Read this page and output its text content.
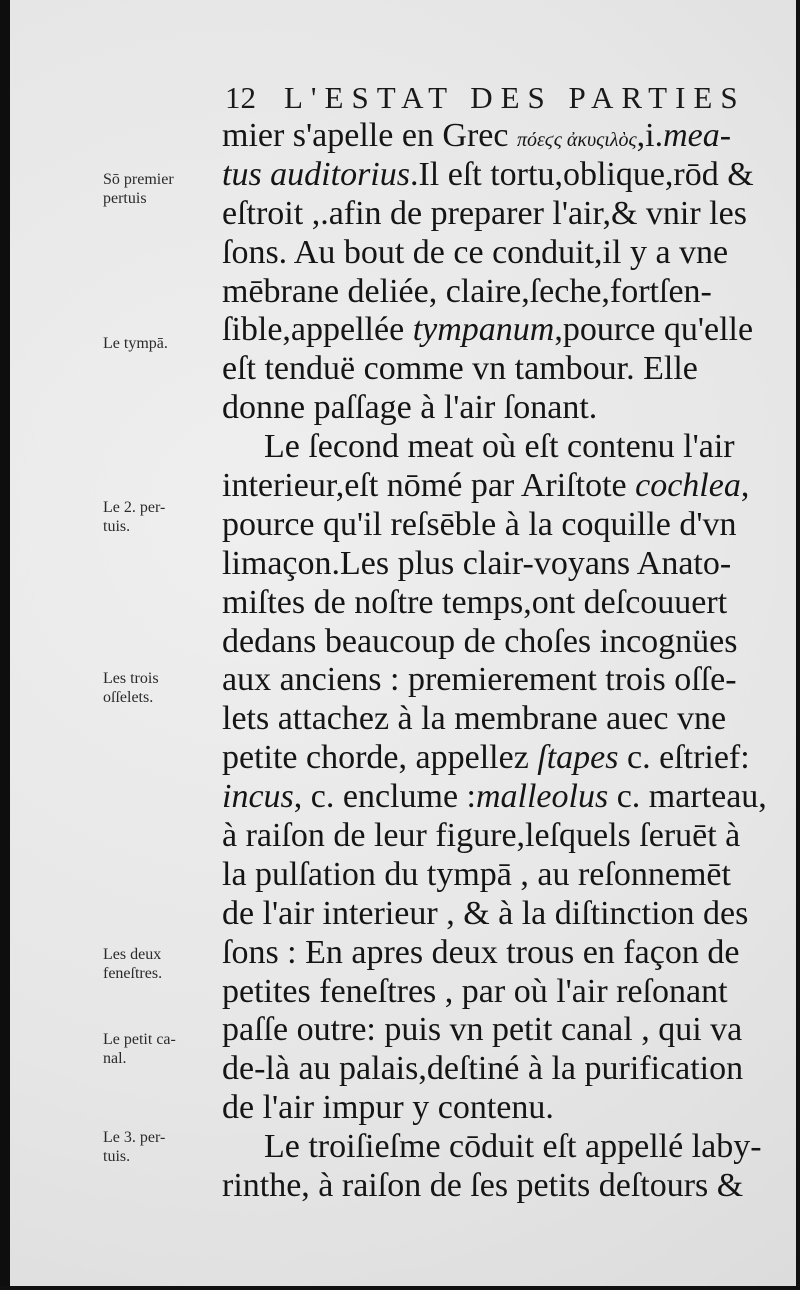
12 L'ESTAT DES PARTIES
mier s'apelle en Grec πόεϛς ἀκυςιλὸς,i.mea-
tus auditorius.Il eſt tortu,oblique,rōd &
eſtroit ,.afin de preparer l'air,& vnir les
ſons. Au bout de ce conduit,il y a vne
mēbrane deliée, claire,ſeche,fortſen-
ſible,appellée tympanum,pource qu'elle
eſt tenduë comme vn tambour. Elle
donne paſſage à l'air ſonant.
Le ſecond meat où eſt contenu l'air
interieur,eſt nōmé par Ariſtote cochlea,
pource qu'il reſsēble à la coquille d'vn
limaçon.Les plus clair-voyans Anato-
miſtes de noſtre temps,ont deſcouuert
dedans beaucoup de choſes incognües
aux anciens : premierement trois oſſe-
lets attachez à la membrane auec vne
petite chorde, appellez ſtapes c. eſtrief:
incus, c. enclume :malleolus c. marteau,
à raiſon de leur figure,leſquels ſeruēt à
la pulſation du tympā , au reſonnemēt
de l'air interieur , & à la diſtinction des
ſons : En apres deux trous en façon de
petites feneſtres , par où l'air reſonant
paſſe outre: puis vn petit canal , qui va
de-là au palais,deſtiné à la purification
de l'air impur y contenu.
Le troiſieſme cōduit eſt appellé laby-
rinthe, à raiſon de ſes petits deſtours &
Sō premier
pertuis
Le tympā.
Le 2. per-
tuis.
Les trois
oſſelets.
Les deux
feneſtres.
Le petit ca-
nal.
Le 3. per-
tuis.
